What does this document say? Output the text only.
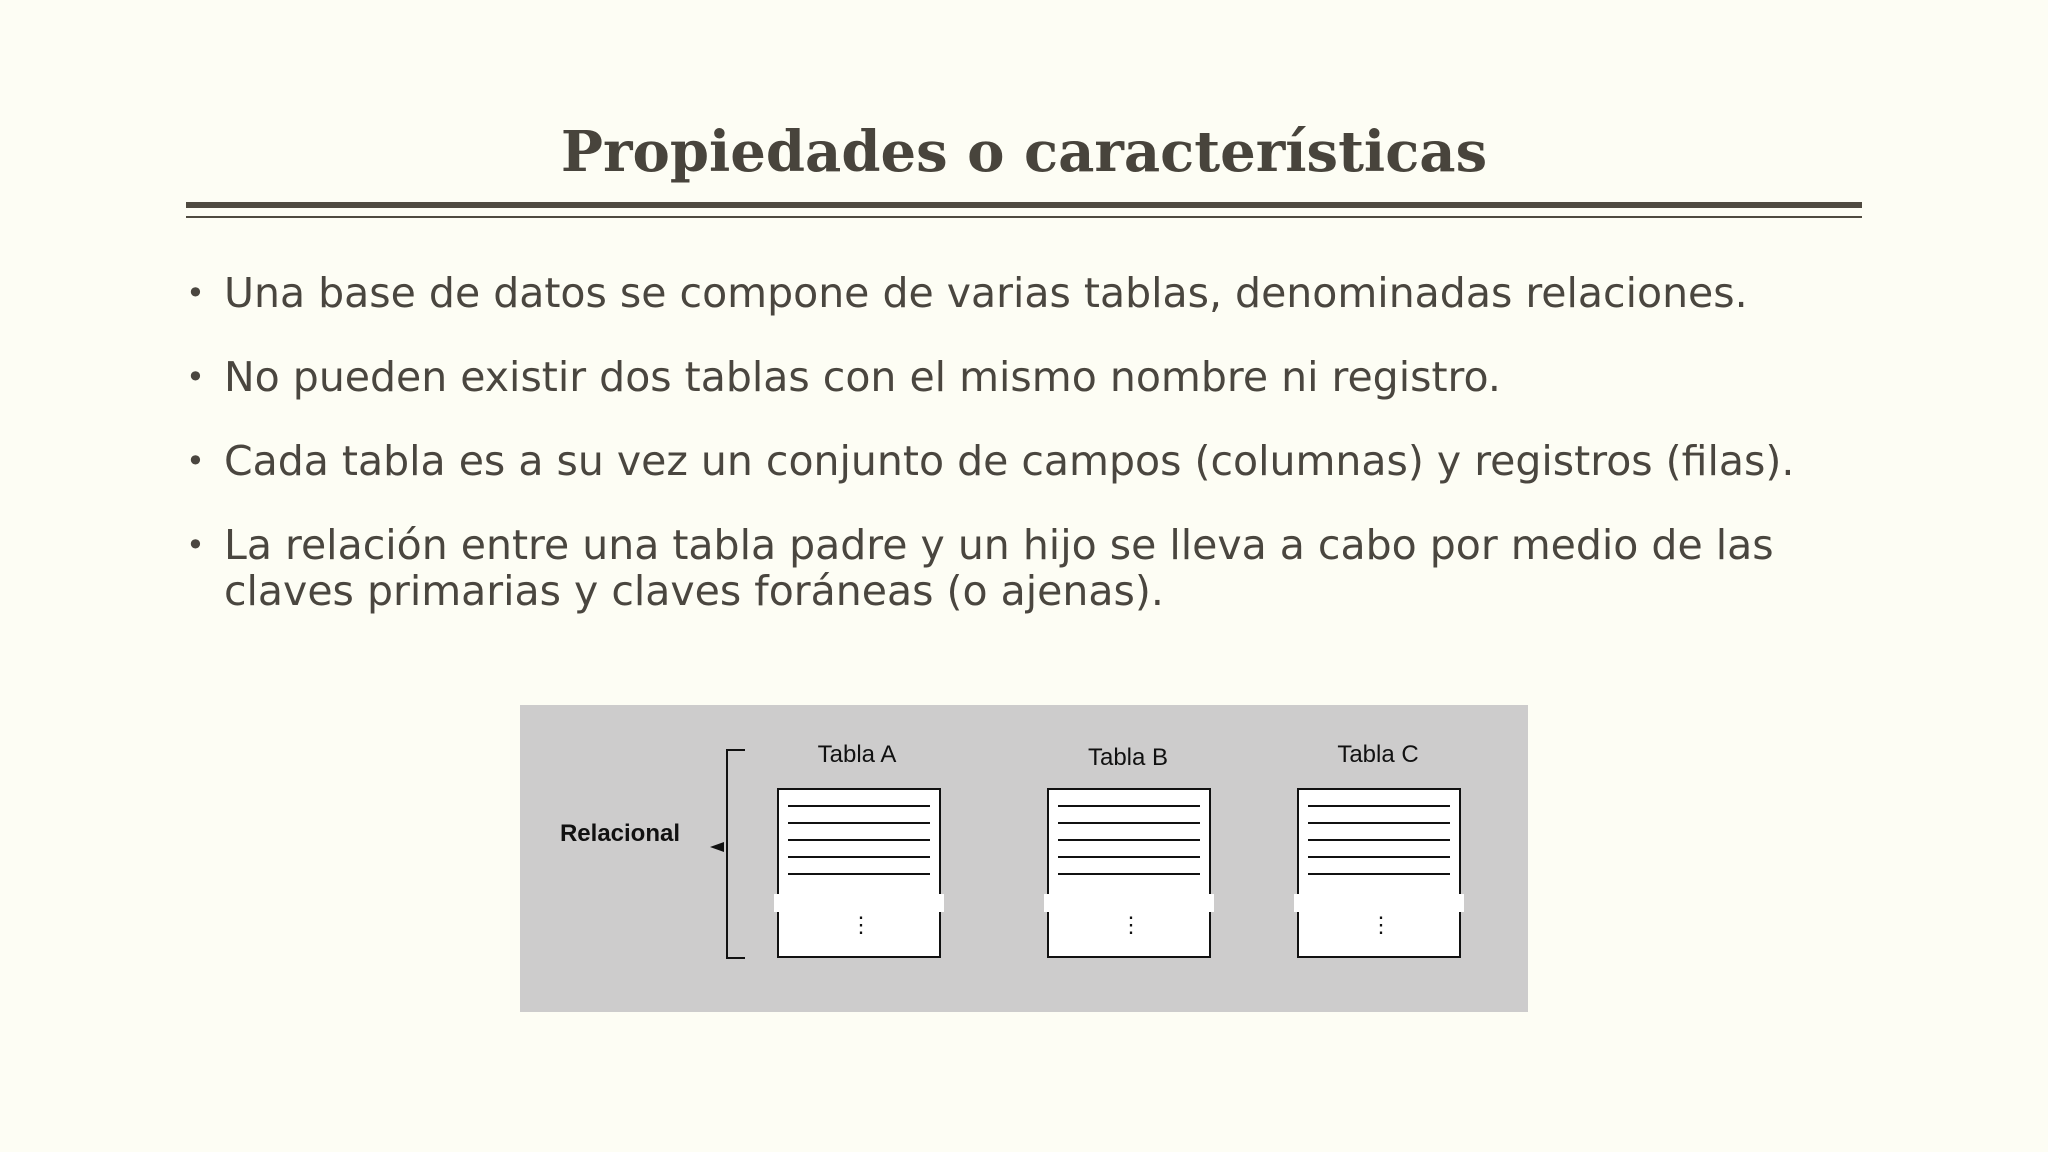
Propiedades o características
• Una base de datos se compone de varias tablas, denominadas relaciones.
• No pueden existir dos tablas con el mismo nombre ni registro.
• Cada tabla es a su vez un conjunto de campos (columnas) y registros (filas).
• La relación entre una tabla padre y un hijo se lleva a cabo por medio de las claves primarias y claves foráneas (o ajenas).
Relacional
Tabla A
⋮
Tabla B
⋮
Tabla C
⋮
